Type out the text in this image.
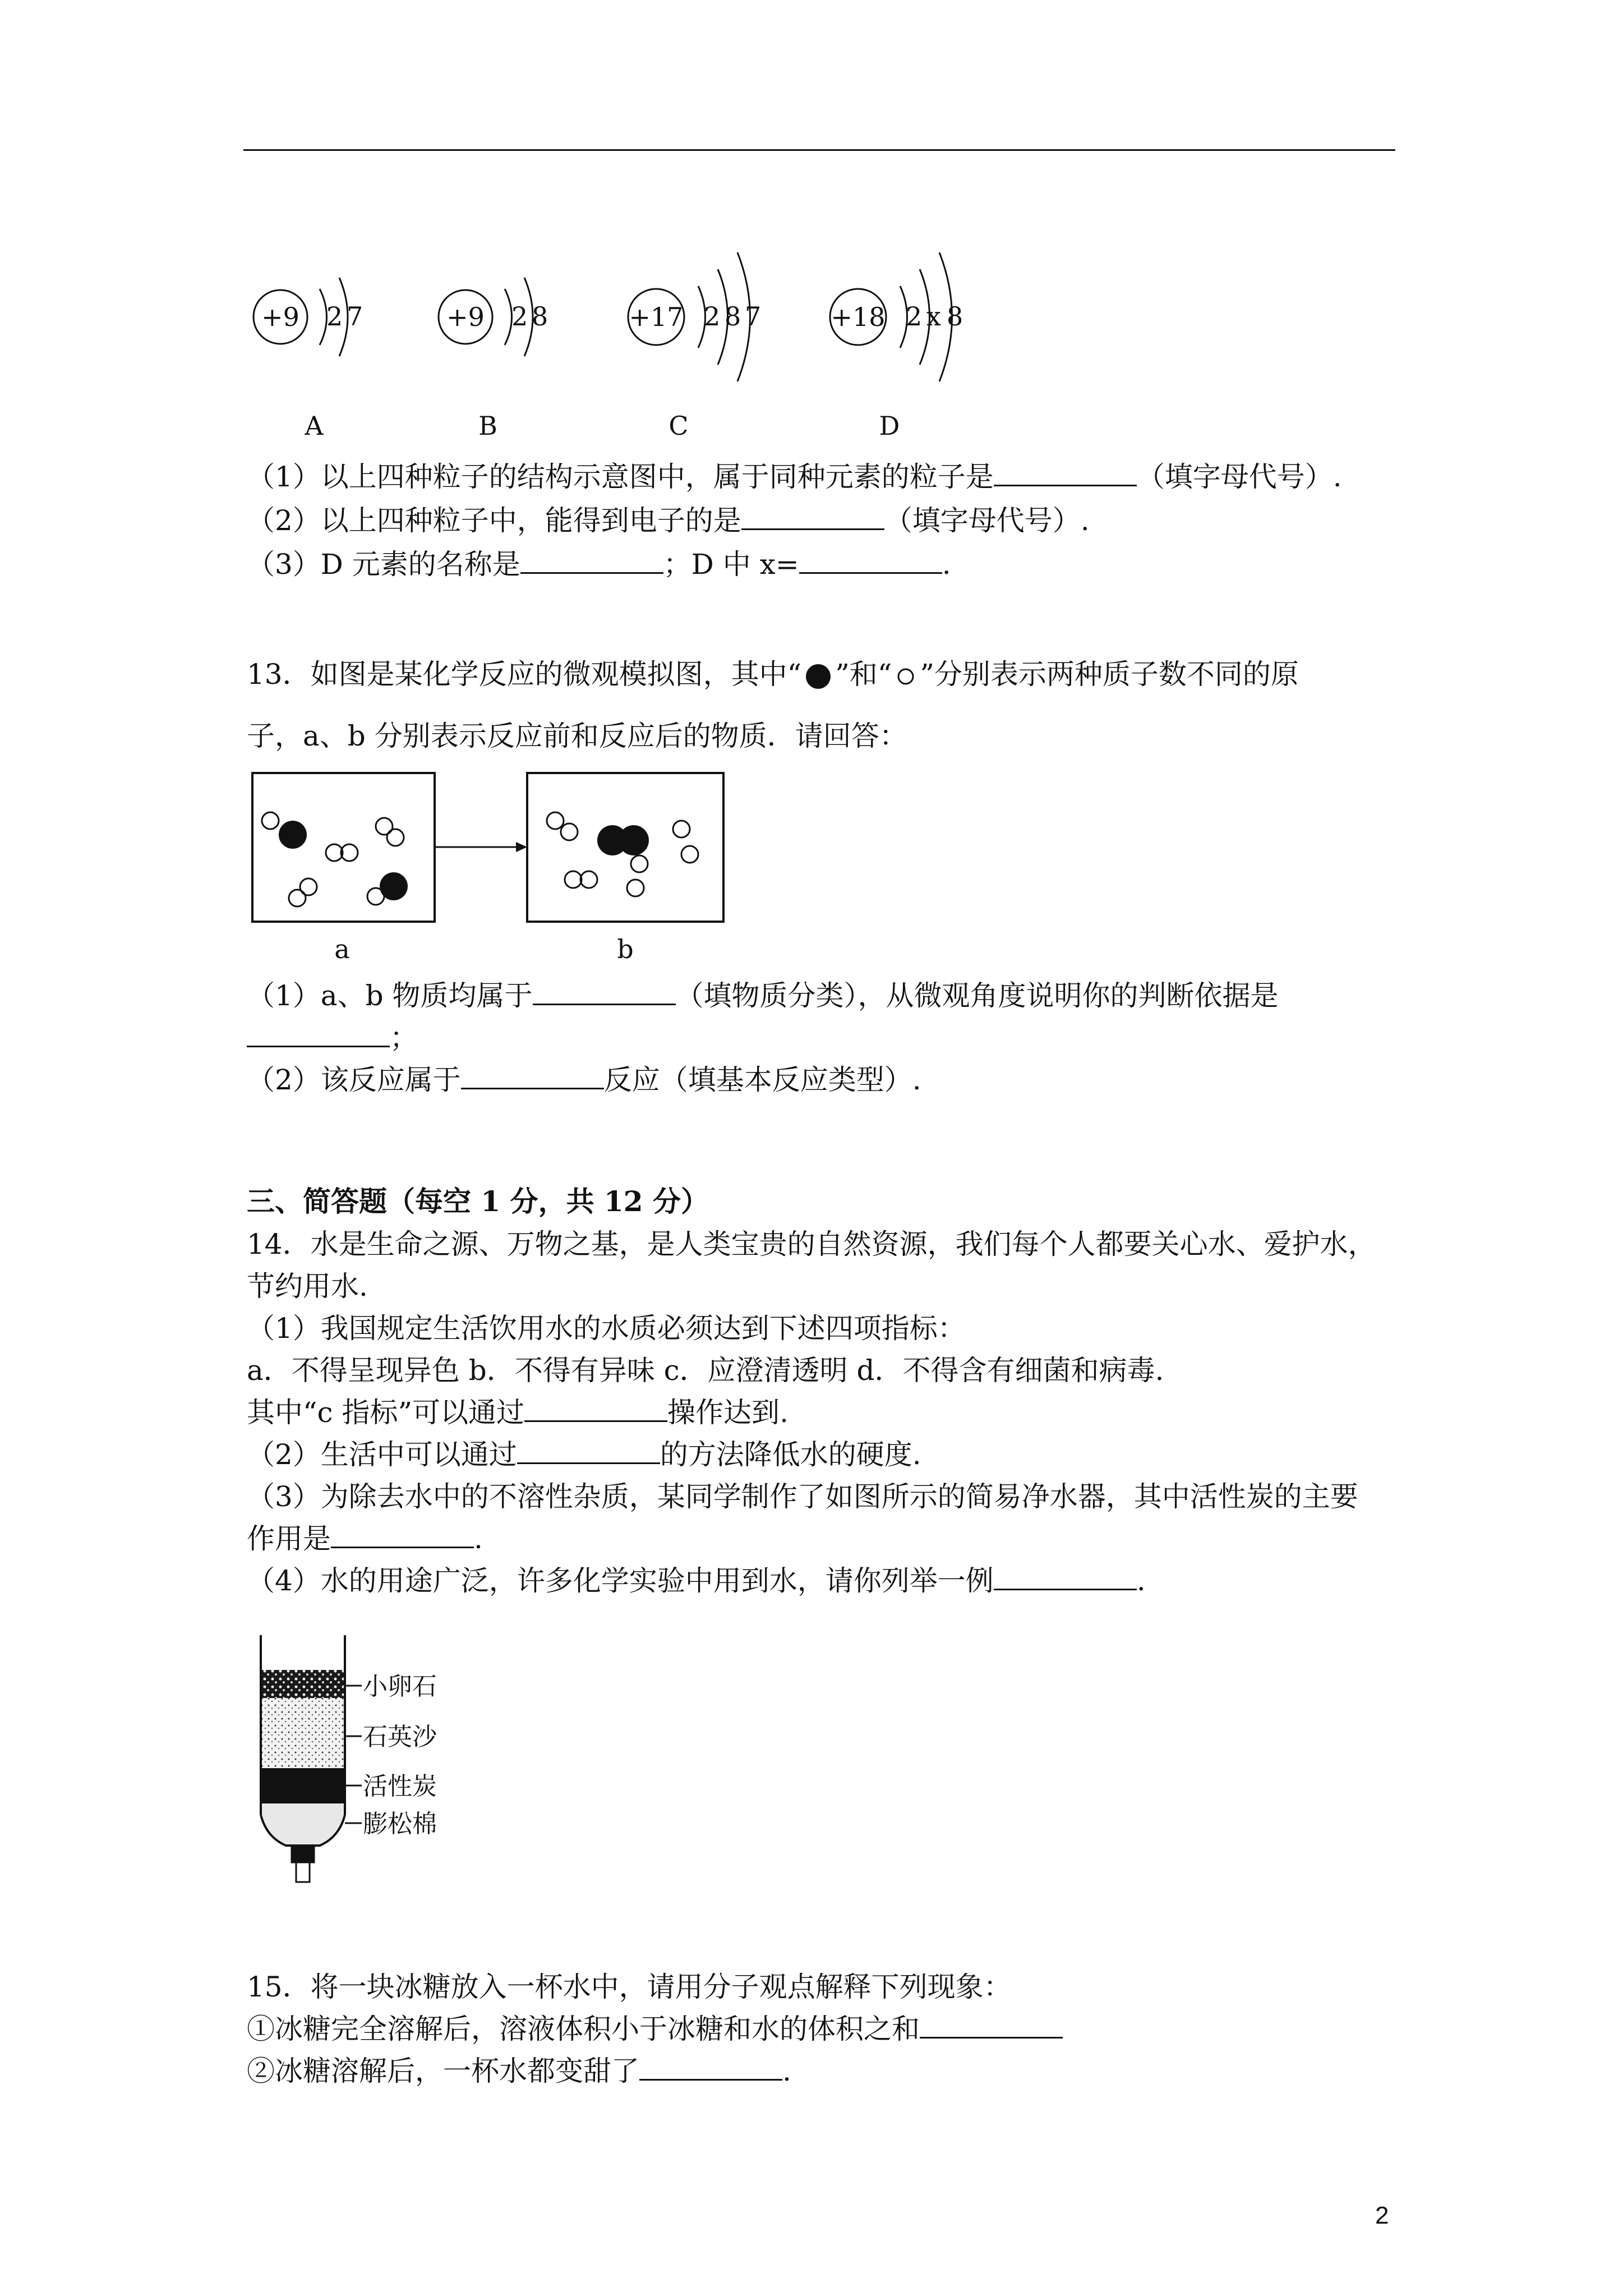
+9 2 7	+9 2 8	+17 2 8 7	+18 2 x 8
A	B	C	D
（1）以上四种粒子的结构示意图中，属于同种元素的粒子是	（填字母代号）.
（2）以上四种粒子中，能得到电子的是	（填字母代号）.
（3）D 元素的名称是	；D 中 x=	.
13．如图是某化学反应的微观模拟图，其中“ ”和“ ”分别表示两种质子数不同的原
子，a、b 分别表示反应前和反应后的物质．请回答：
a	b
（1）a、b 物质均属于	（填物质分类），从微观角度说明你的判断依据是
；
（2）该反应属于	反应（填基本反应类型）.
三、简答题（每空 1 分，共 12 分）
14．水是生命之源、万物之基，是人类宝贵的自然资源，我们每个人都要关心水、爱护水，
节约用水.
（1）我国规定生活饮用水的水质必须达到下述四项指标：
a．不得呈现异色 b．不得有异味 c．应澄清透明 d．不得含有细菌和病毒.
其中“c 指标”可以通过	操作达到.
（2）生活中可以通过	的方法降低水的硬度.
（3）为除去水中的不溶性杂质，某同学制作了如图所示的简易净水器，其中活性炭的主要
作用是	.
（4）水的用途广泛，许多化学实验中用到水，请你列举一例	.
小卵石
石英沙
活性炭
膨松棉
15．将一块冰糖放入一杯水中，请用分子观点解释下列现象：
①冰糖完全溶解后，溶液体积小于冰糖和水的体积之和
②冰糖溶解后，一杯水都变甜了	.
2
